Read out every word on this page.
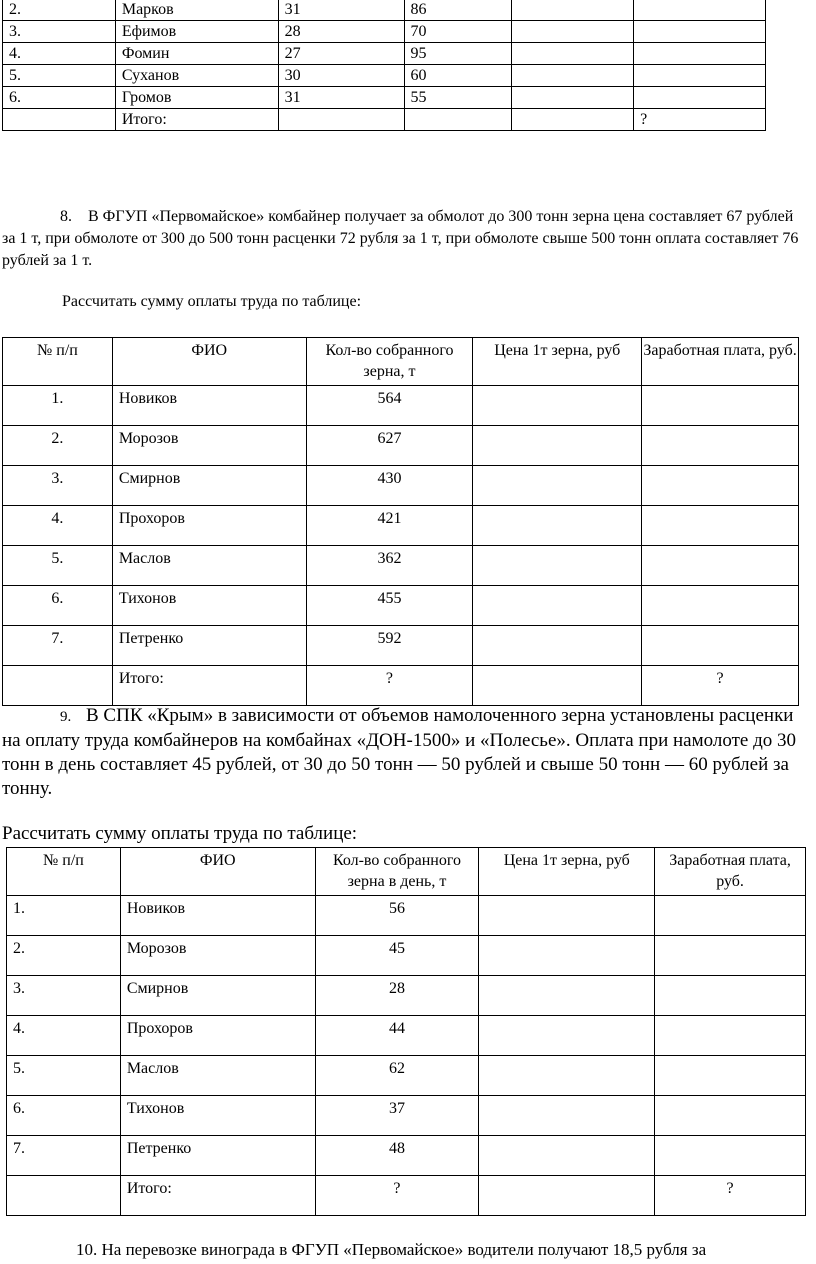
2.	Марков	31	86		
3.	Ефимов	28	70		
4.	Фомин	27	95		
5.	Суханов	30	60		
6.	Громов	31	55		
	Итого:				?
8. В ФГУП «Первомайское» комбайнер получает за обмолот до 300 тонн зерна цена составляет 67 рублей за 1 т, при обмолоте от 300 до 500 тонн расценки 72 рубля за 1 т, при обмолоте свыше 500 тонн оплата составляет 76 рублей за 1 т.
Рассчитать сумму оплаты труда по таблице:
№ п/п	ФИО	Кол-во собранного зерна, т	Цена 1т зерна, руб	Заработная плата, руб.
1.	Новиков	564		
2.	Морозов	627		
3.	Смирнов	430		
4.	Прохоров	421		
5.	Маслов	362		
6.	Тихонов	455		
7.	Петренко	592		
	Итого:	?		?
9. В СПК «Крым» в зависимости от объемов намолоченного зерна установлены расценки на оплату труда комбайнеров на комбайнах «ДОН-1500» и «Полесье». Оплата при намолоте до 30 тонн в день составляет 45 рублей, от 30 до 50 тонн — 50 рублей и свыше 50 тонн — 60 рублей за тонну.
Рассчитать сумму оплаты труда по таблице:
№ п/п	ФИО	Кол-во собранного зерна в день, т	Цена 1т зерна, руб	Заработная плата, руб.
1.	Новиков	56		
2.	Морозов	45		
3.	Смирнов	28		
4.	Прохоров	44		
5.	Маслов	62		
6.	Тихонов	37		
7.	Петренко	48		
	Итого:	?		?
10. На перевозке винограда в ФГУП «Первомайское» водители получают 18,5 рубля за
